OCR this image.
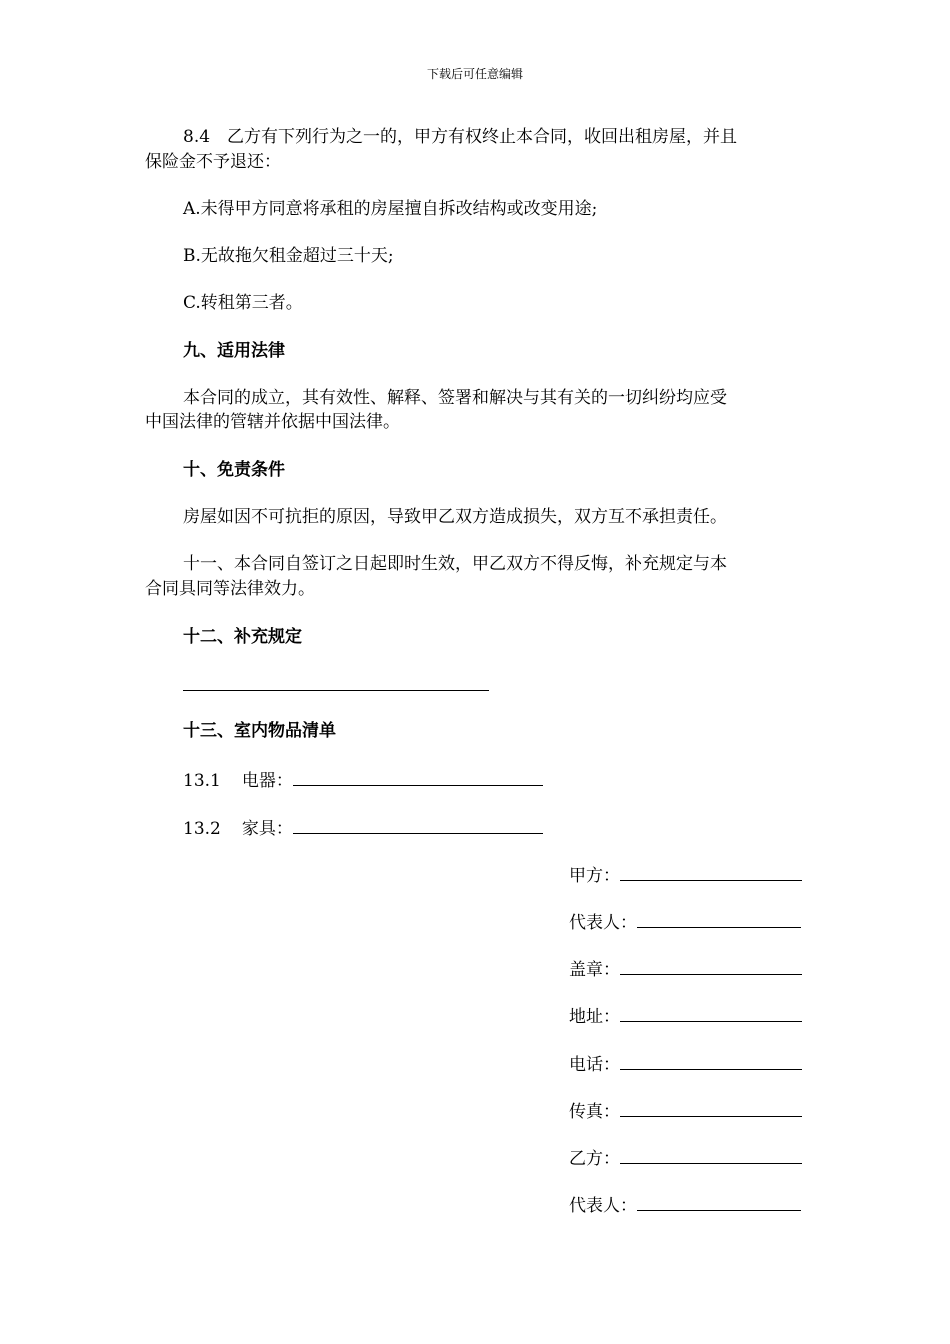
下载后可任意编辑
8.4　乙方有下列行为之一的，甲方有权终止本合同，收回出租房屋，并且
保险金不予退还：
A.未得甲方同意将承租的房屋擅自拆改结构或改变用途;
B.无故拖欠租金超过三十天;
C.转租第三者。
九、适用法律
本合同的成立，其有效性、解释、签署和解决与其有关的一切纠纷均应受
中国法律的管辖并依据中国法律。
十、免责条件
房屋如因不可抗拒的原因，导致甲乙双方造成损失，双方互不承担责任。
十一、本合同自签订之日起即时生效，甲乙双方不得反悔，补充规定与本
合同具同等法律效力。
十二、补充规定
十三、室内物品清单
13.1 电器：
13.2 家具：
甲方：
代表人：
盖章：
地址：
电话：
传真：
乙方：
代表人：
